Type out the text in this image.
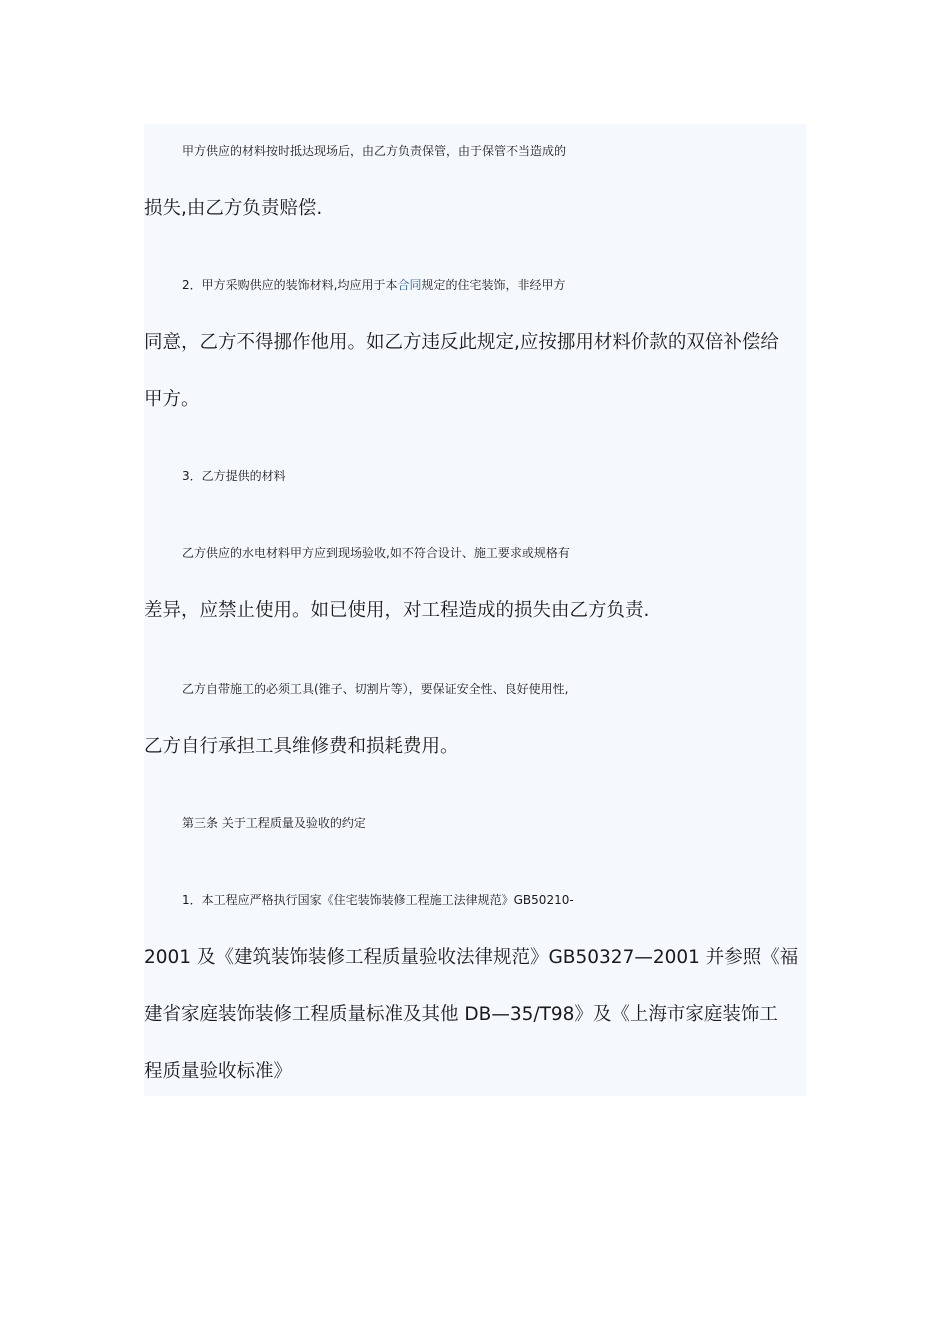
甲方供应的材料按时抵达现场后，由乙方负责保管，由于保管不当造成的

损失,由乙方负责赔偿.

2．甲方采购供应的装饰材料,均应用于本合同规定的住宅装饰，非经甲方

同意，乙方不得挪作他用。如乙方违反此规定,应按挪用材料价款的双倍补偿给

甲方。

3．乙方提供的材料

乙方供应的水电材料甲方应到现场验收,如不符合设计、施工要求或规格有

差异，应禁止使用。如已使用，对工程造成的损失由乙方负责.

乙方自带施工的必须工具(锥子、切割片等），要保证安全性、良好使用性,

乙方自行承担工具维修费和损耗费用。

第三条 关于工程质量及验收的约定

1．本工程应严格执行国家《住宅装饰装修工程施工法律规范》GB50210-

2001 及《建筑装饰装修工程质量验收法律规范》GB50327—2001 并参照《福

建省家庭装饰装修工程质量标准及其他 DB—35/T98》及《上海市家庭装饰工

程质量验收标准》
